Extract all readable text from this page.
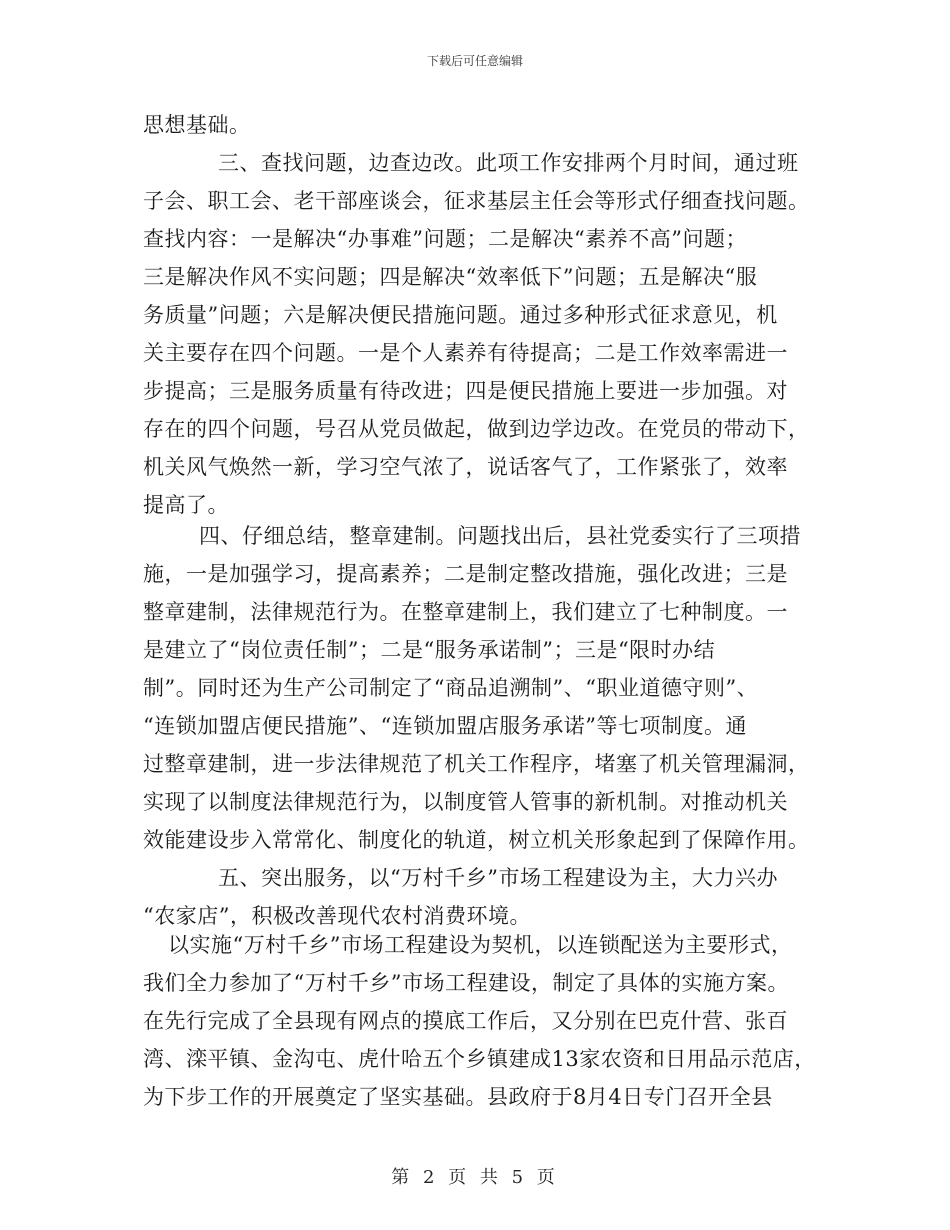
下载后可任意编辑
思想基础。
三、查找问题，边查边改。此项工作安排两个月时间，通过班
子会、职工会、老干部座谈会，征求基层主任会等形式仔细查找问题。
查找内容：一是解决“办事难”问题；二是解决“素养不高”问题；
三是解决作风不实问题；四是解决“效率低下”问题；五是解决“服
务质量”问题；六是解决便民措施问题。通过多种形式征求意见，机
关主要存在四个问题。一是个人素养有待提高；二是工作效率需进一
步提高；三是服务质量有待改进；四是便民措施上要进一步加强。对
存在的四个问题，号召从党员做起，做到边学边改。在党员的带动下，
机关风气焕然一新，学习空气浓了，说话客气了，工作紧张了，效率
提高了。
四、仔细总结，整章建制。问题找出后，县社党委实行了三项措
施，一是加强学习，提高素养；二是制定整改措施，强化改进；三是
整章建制，法律规范行为。在整章建制上，我们建立了七种制度。一
是建立了“岗位责任制”；二是“服务承诺制”；三是“限时办结
制”。同时还为生产公司制定了“商品追溯制”、“职业道德守则”、
“连锁加盟店便民措施”、“连锁加盟店服务承诺”等七项制度。通
过整章建制，进一步法律规范了机关工作程序，堵塞了机关管理漏洞，
实现了以制度法律规范行为，以制度管人管事的新机制。对推动机关
效能建设步入常常化、制度化的轨道，树立机关形象起到了保障作用。
五、突出服务，以“万村千乡”市场工程建设为主，大力兴办
“农家店”，积极改善现代农村消费环境。
以实施“万村千乡”市场工程建设为契机，以连锁配送为主要形式，
我们全力参加了“万村千乡”市场工程建设，制定了具体的实施方案。
在先行完成了全县现有网点的摸底工作后，又分别在巴克什营、张百
湾、滦平镇、金沟屯、虎什哈五个乡镇建成13家农资和日用品示范店，
为下步工作的开展奠定了坚实基础。县政府于8月4日专门召开全县
第 2 页 共 5 页
